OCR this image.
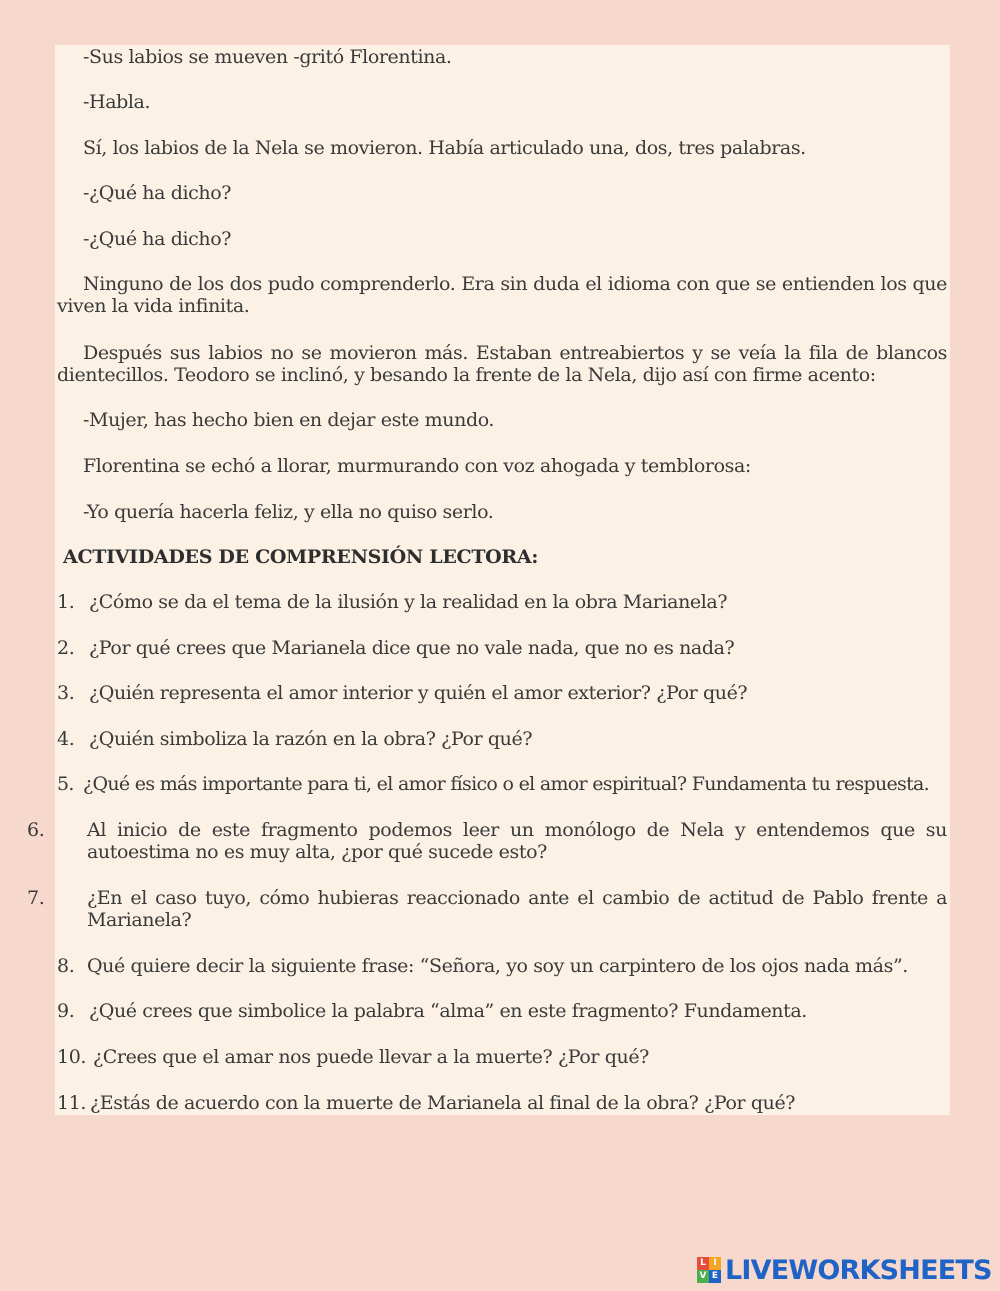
-Sus labios se mueven -gritó Florentina.

-Habla.

Sí, los labios de la Nela se movieron. Había articulado una, dos, tres palabras.

-¿Qué ha dicho?

-¿Qué ha dicho?

Ninguno de los dos pudo comprenderlo. Era sin duda el idioma con que se entienden los que viven la vida infinita.

Después sus labios no se movieron más. Estaban entreabiertos y se veía la fila de blancos dientecillos. Teodoro se inclinó, y besando la frente de la Nela, dijo así con firme acento:

-Mujer, has hecho bien en dejar este mundo.

Florentina se echó a llorar, murmurando con voz ahogada y temblorosa:

-Yo quería hacerla feliz, y ella no quiso serlo.

ACTIVIDADES DE COMPRENSIÓN LECTORA:

1. ¿Cómo se da el tema de la ilusión y la realidad en la obra Marianela?

2. ¿Por qué crees que Marianela dice que no vale nada, que no es nada?

3. ¿Quién representa el amor interior y quién el amor exterior? ¿Por qué?

4. ¿Quién simboliza la razón en la obra? ¿Por qué?

5. ¿Qué es más importante para ti, el amor físico o el amor espiritual? Fundamenta tu respuesta.

6. Al inicio de este fragmento podemos leer un monólogo de Nela y entendemos que su autoestima no es muy alta, ¿por qué sucede esto?

7. ¿En el caso tuyo, cómo hubieras reaccionado ante el cambio de actitud de Pablo frente a Marianela?

8. Qué quiere decir la siguiente frase: “Señora, yo soy un carpintero de los ojos nada más”.

9. ¿Qué crees que simbolice la palabra “alma” en este fragmento? Fundamenta.

10. ¿Crees que el amar nos puede llevar a la muerte? ¿Por qué?

11. ¿Estás de acuerdo con la muerte de Marianela al final de la obra? ¿Por qué?

L I
V E LIVEWORKSHEETS
